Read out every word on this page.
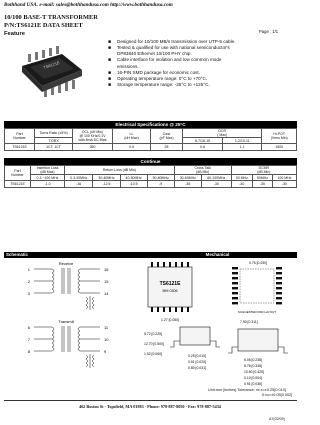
Bothhand USA. e-mail: sales@bothhandusa.com http://www.bothhandusa.com
10/100 BASE-T TRANSFORMER
P/N:TS6121E DATA SHEET
Page : 1/1
Feature
TS6121E
■ Designed for 10/100 MB/s transmission over UTP-5 cable.
■ Tested & qualified for use with national semiconductor's
DP83840 Ethernet 10/100 PHY chip.
■ Cable interface for isolation and low common mode
emissions.
■ 16-PIN SMD package for economic cost.
■ Operating temperature range: 0°C to +70°C.
■ Storage temperature range: -25°C to +125°C.
Electrical Specifications @ 25°C
Part
Number	Turns Ratio (±5%)	OCL (uH Min)
@ 100 KHz/0.1V
with 8mA DC Bias	LL
(uH Max)	Cww
(pF Max)	DCR
( Max)		Hi-POT
(Vrms Min)
	TX/RX				8-7/16-15	1-2/10-11	
TS6121E	1CT: 1CT	350	0.5	28	0.6	1.1	1500
Continue
Part
Number	Insertion Loss
(dB Max)	Return Loss (dB Min)				Cross Talk
(dB Min)		DCMR
(dB Min)		
	0.3 ~100 MHz	0.3-30MHz	30-40MHz	40-50MHz	50-80MHz	30-60MHz	60-100MHz	30 MHz	50MHz	100 MHz
TS6121E	-1.0	-16	-12.5	-10.5	-9	-35	-30	-40	-35	-30
Schematic	Mechanical
Receive
1
2
3
16
15
14
Transmit
6
7
8
11
10
9
TS6121E
BHI 0306
1.27 [0.050]
5.72 [0.225]
12.70 [0.500]
1.52 [0.060]	0.25 [0.010]
0.51 [0.020]
0.80 [0.031]
0.76 [0.030]
SUGGESTED PAD LAYOUT
7.90 [0.311]
6.05 [0.238]
8.76 [0.345]
10.80 [0.425]
0.10 [0.004]
0.91 [0.036]
Unit:mm [inches] Tolerance: xx.x=±0.25[0.010]
0.xx=±0.05[0.002]
462 Boston St - Topsfield, MA 01983 - Phone: 978-887-8050 - Fax: 978-887-5434
A7(02/09)
